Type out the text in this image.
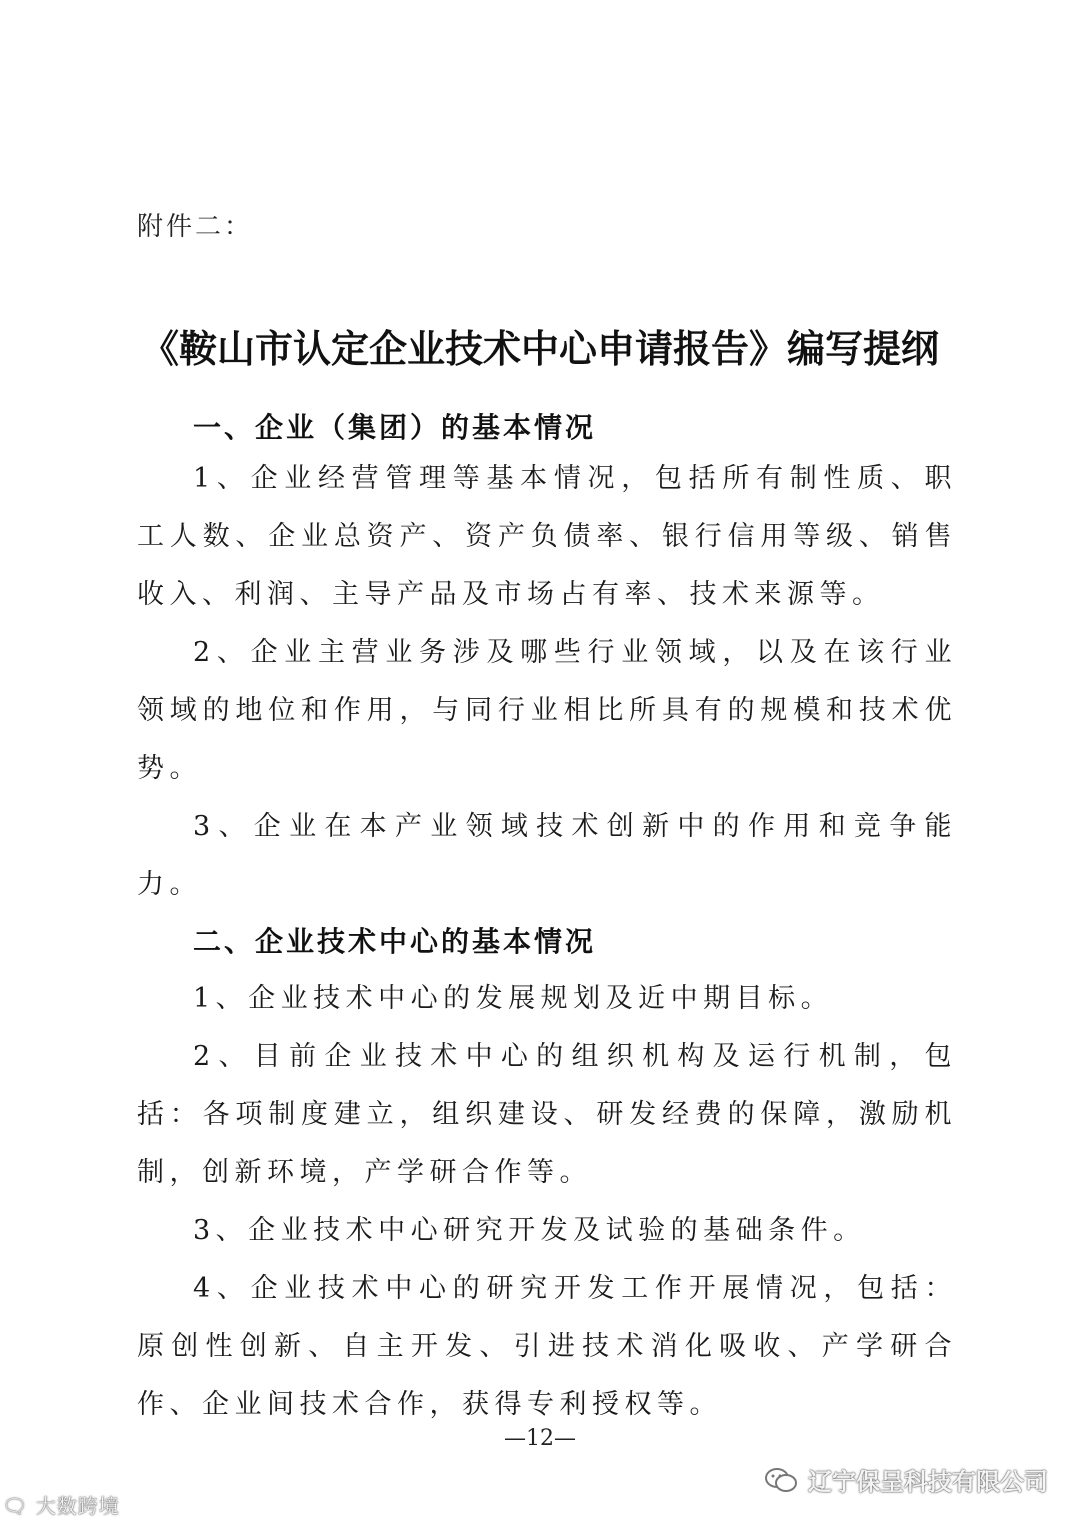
附件二：
《鞍山市认定企业技术中心申请报告》编写提纲

一、企业（集团）的基本情况

1、企业经营管理等基本情况，包括所有制性质、职工人数、企业总资产、资产负债率、银行信用等级、销售收入、利润、主导产品及市场占有率、技术来源等。

2、企业主营业务涉及哪些行业领域，以及在该行业领域的地位和作用，与同行业相比所具有的规模和技术优势。

3、企业在本产业领域技术创新中的作用和竞争能力。

二、企业技术中心的基本情况

1、企业技术中心的发展规划及近中期目标。

2、目前企业技术中心的组织机构及运行机制，包括：各项制度建立，组织建设、研发经费的保障，激励机制，创新环境，产学研合作等。

3、企业技术中心研究开发及试验的基础条件。

4、企业技术中心的研究开发工作开展情况，包括：原创性创新、自主开发、引进技术消化吸收、产学研合作、企业间技术合作，获得专利授权等。

—12—
🗨 大数跨境
辽宁保呈科技有限公司
